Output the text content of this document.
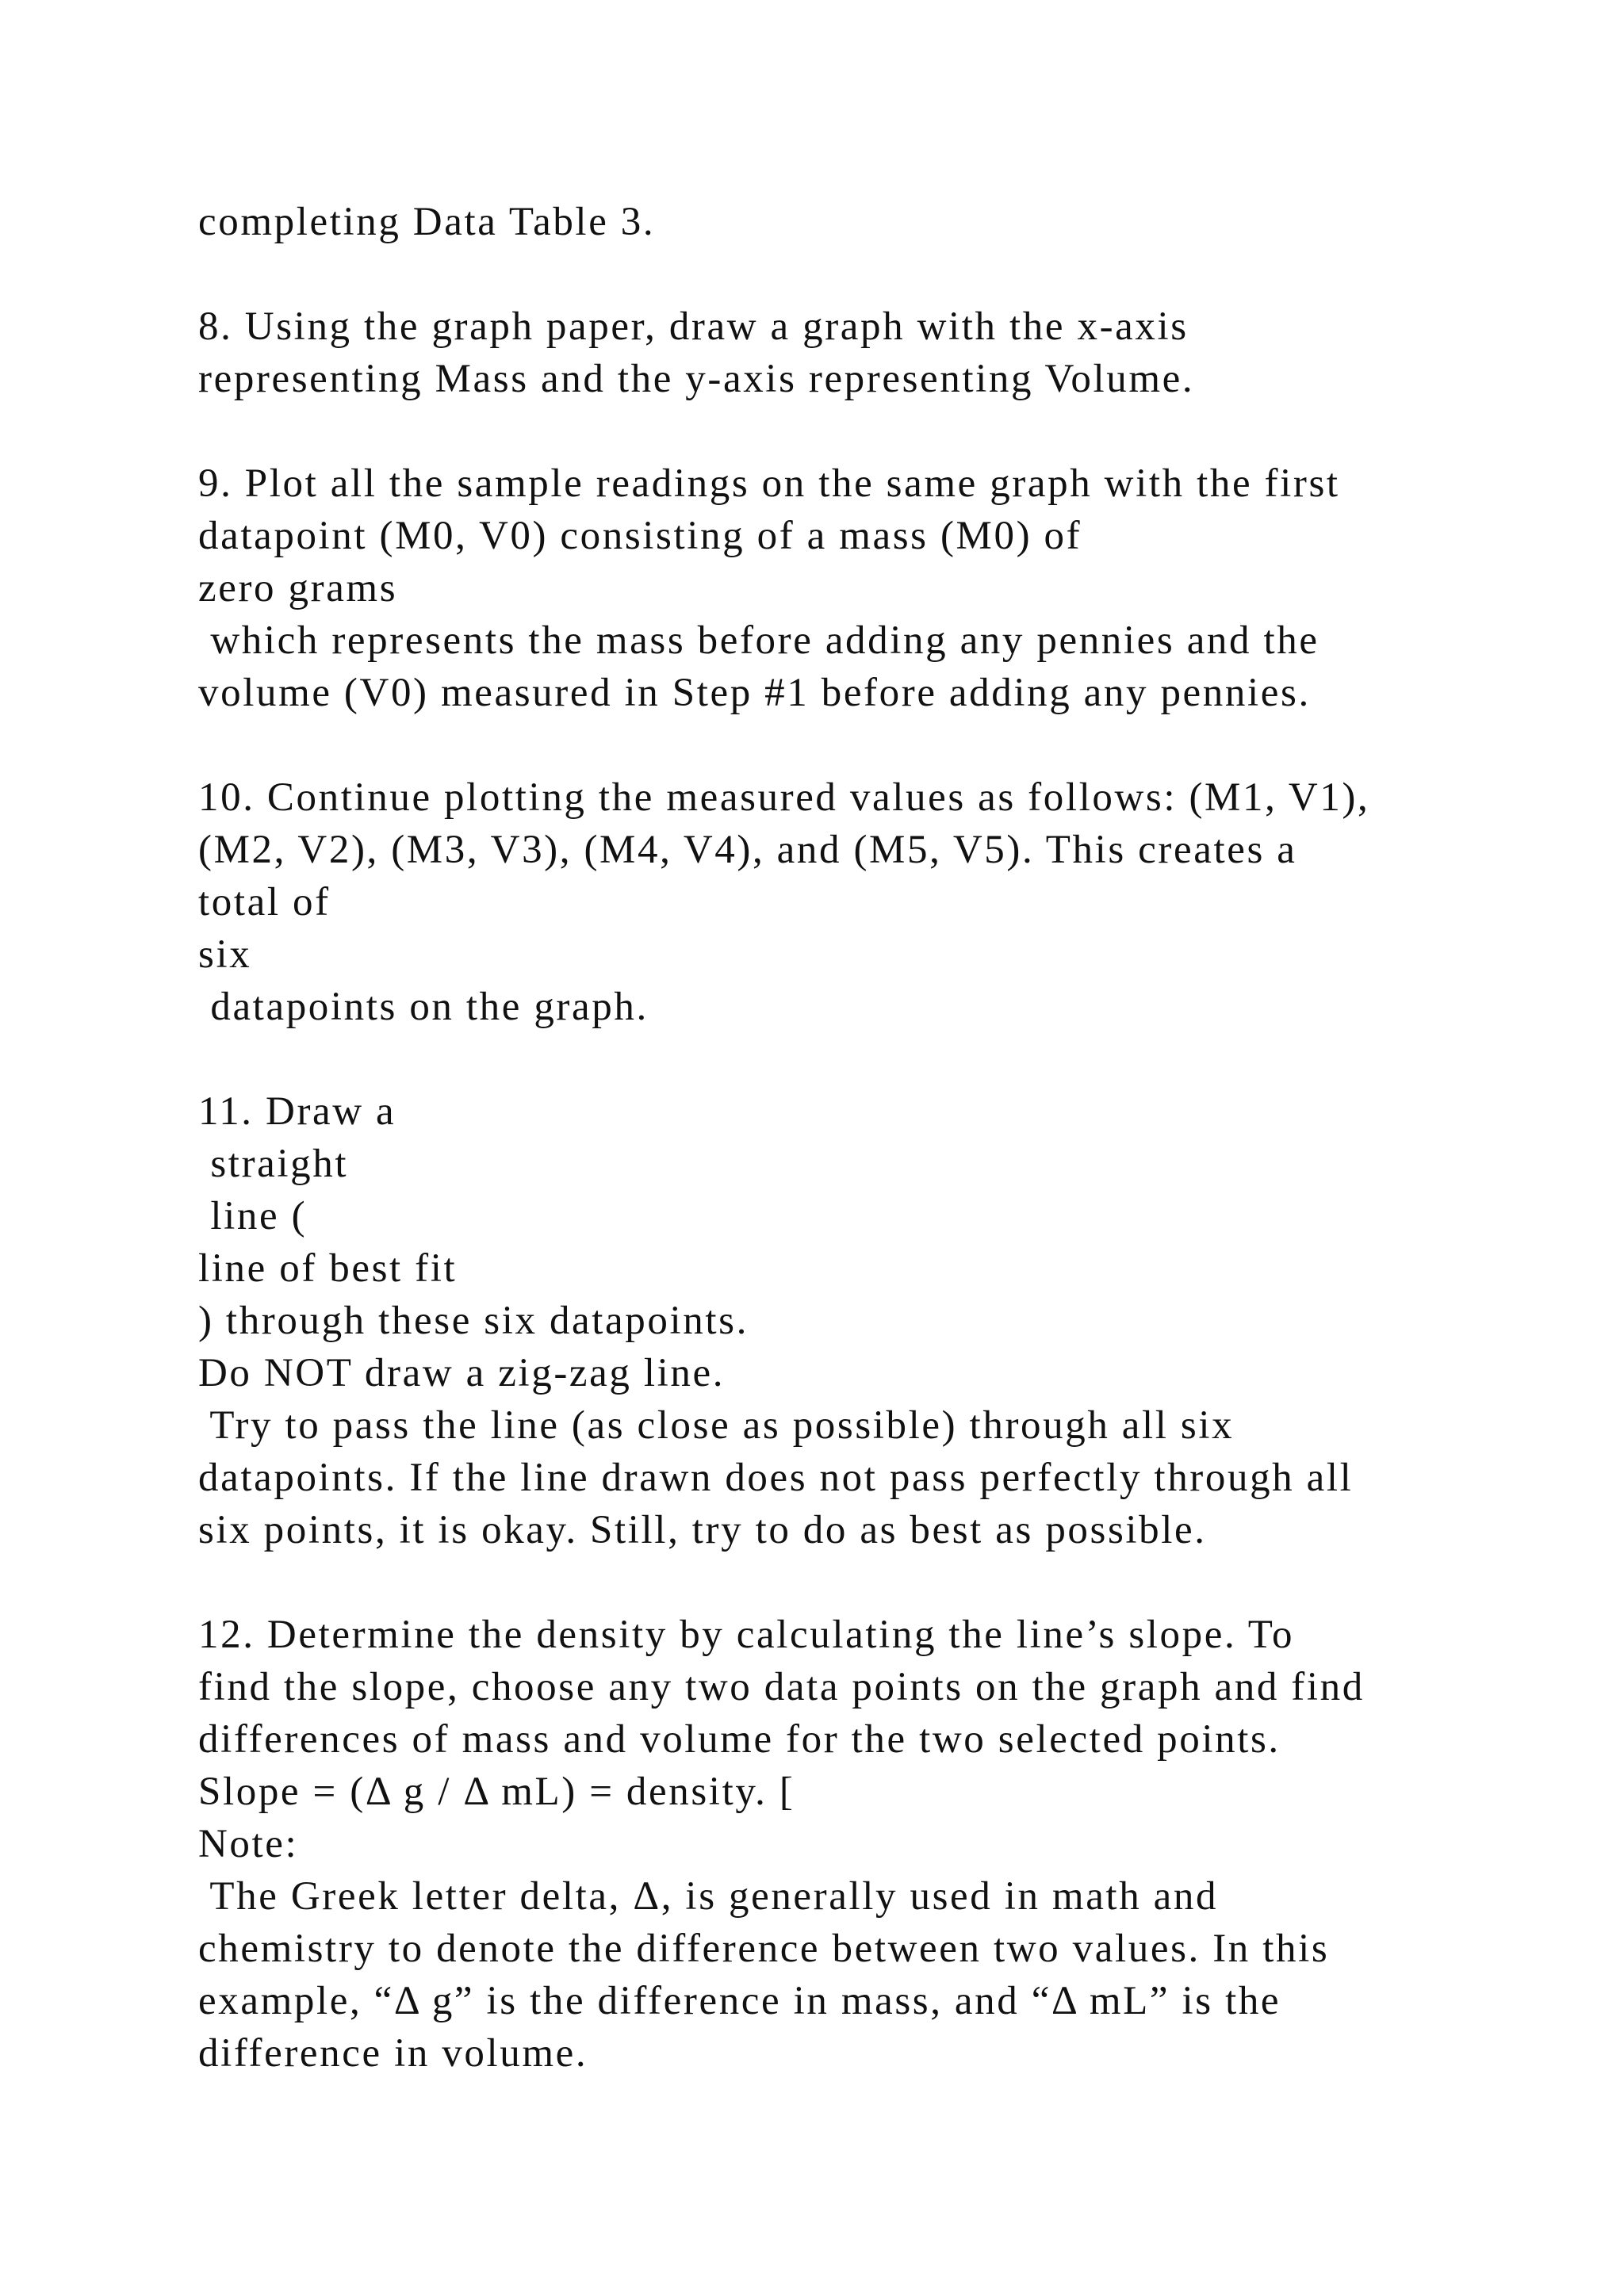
completing Data Table 3.
8. Using the graph paper, draw a graph with the x-axis
representing Mass and the y-axis representing Volume.
9. Plot all the sample readings on the same graph with the first
datapoint (M0, V0) consisting of a mass (M0) of
zero grams
which represents the mass before adding any pennies and the
volume (V0) measured in Step #1 before adding any pennies.
10. Continue plotting the measured values as follows: (M1, V1),
(M2, V2), (M3, V3), (M4, V4), and (M5, V5). This creates a
total of
six
datapoints on the graph.
11. Draw a
straight
line (
line of best fit
) through these six datapoints.
Do NOT draw a zig-zag line.
Try to pass the line (as close as possible) through all six
datapoints. If the line drawn does not pass perfectly through all
six points, it is okay. Still, try to do as best as possible.
12. Determine the density by calculating the line’s slope. To
find the slope, choose any two data points on the graph and find
differences of mass and volume for the two selected points.
Slope = (Δ g / Δ mL) = density. [
Note:
The Greek letter delta, Δ, is generally used in math and
chemistry to denote the difference between two values. In this
example, “Δ g” is the difference in mass, and “Δ mL” is the
difference in volume.
